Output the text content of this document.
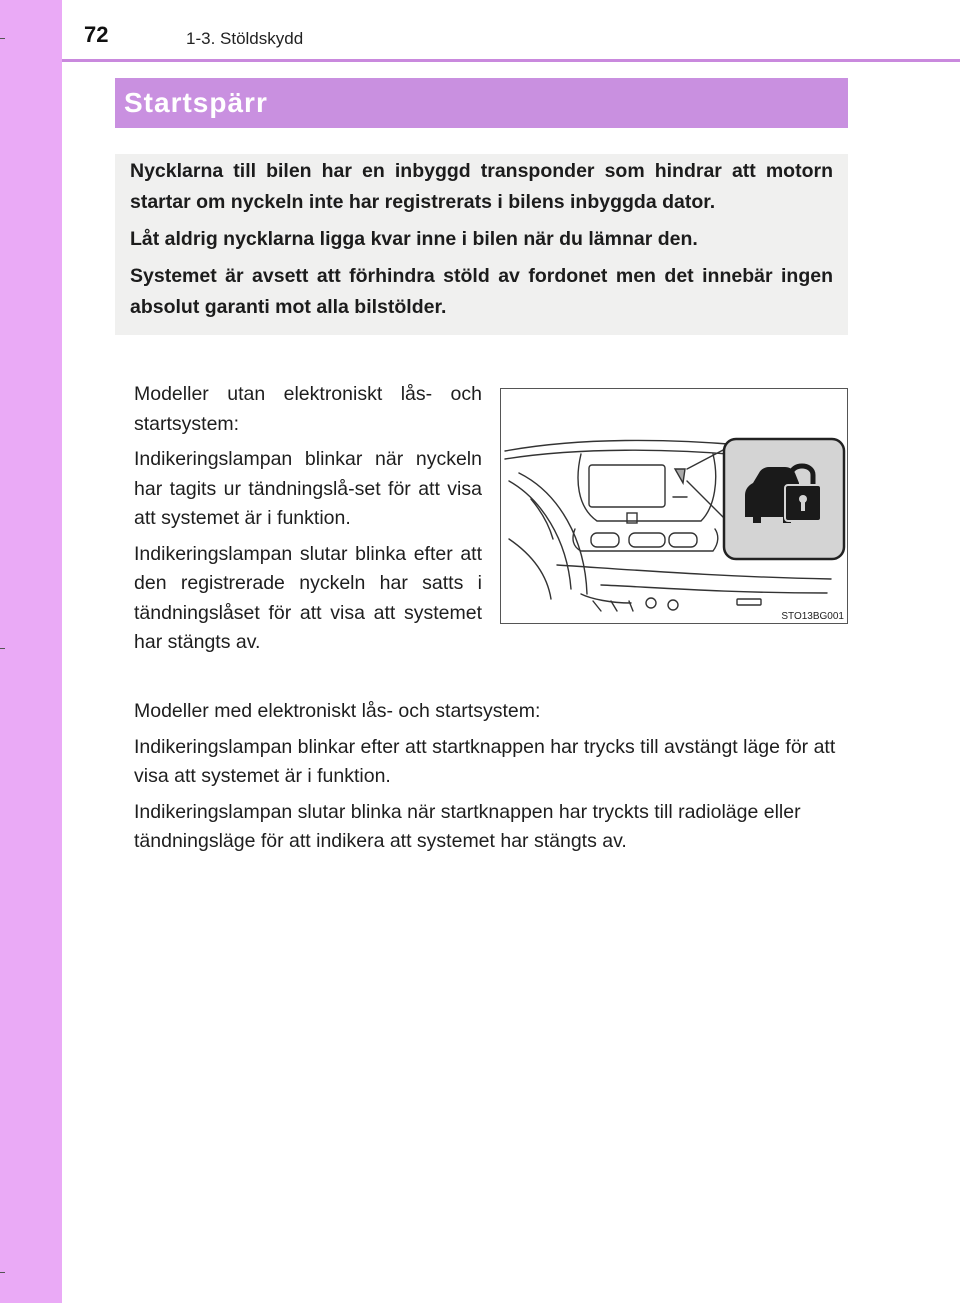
72	1-3. Stöldskydd
Startspärr

Nycklarna till bilen har en inbyggd transponder som hindrar att motorn startar om nyckeln inte har registrerats i bilens inbyggda dator.

Låt aldrig nycklarna ligga kvar inne i bilen när du lämnar den.

Systemet är avsett att förhindra stöld av fordonet men det innebär ingen absolut garanti mot alla bilstölder.

Modeller utan elektroniskt lås- och startsystem:

Indikeringslampan blinkar när nyckeln har tagits ur tändningslå-set för att visa att systemet är i funktion.

Indikeringslampan slutar blinka efter att den registrerade nyckeln har satts i tändningslåset för att visa att systemet har stängts av.

STO13BG001

Modeller med elektroniskt lås- och startsystem:

Indikeringslampan blinkar efter att startknappen har trycks till avstängt läge för att visa att systemet är i funktion.

Indikeringslampan slutar blinka när startknappen har tryckts till radioläge eller tändningsläge för att indikera att systemet har stängts av.
